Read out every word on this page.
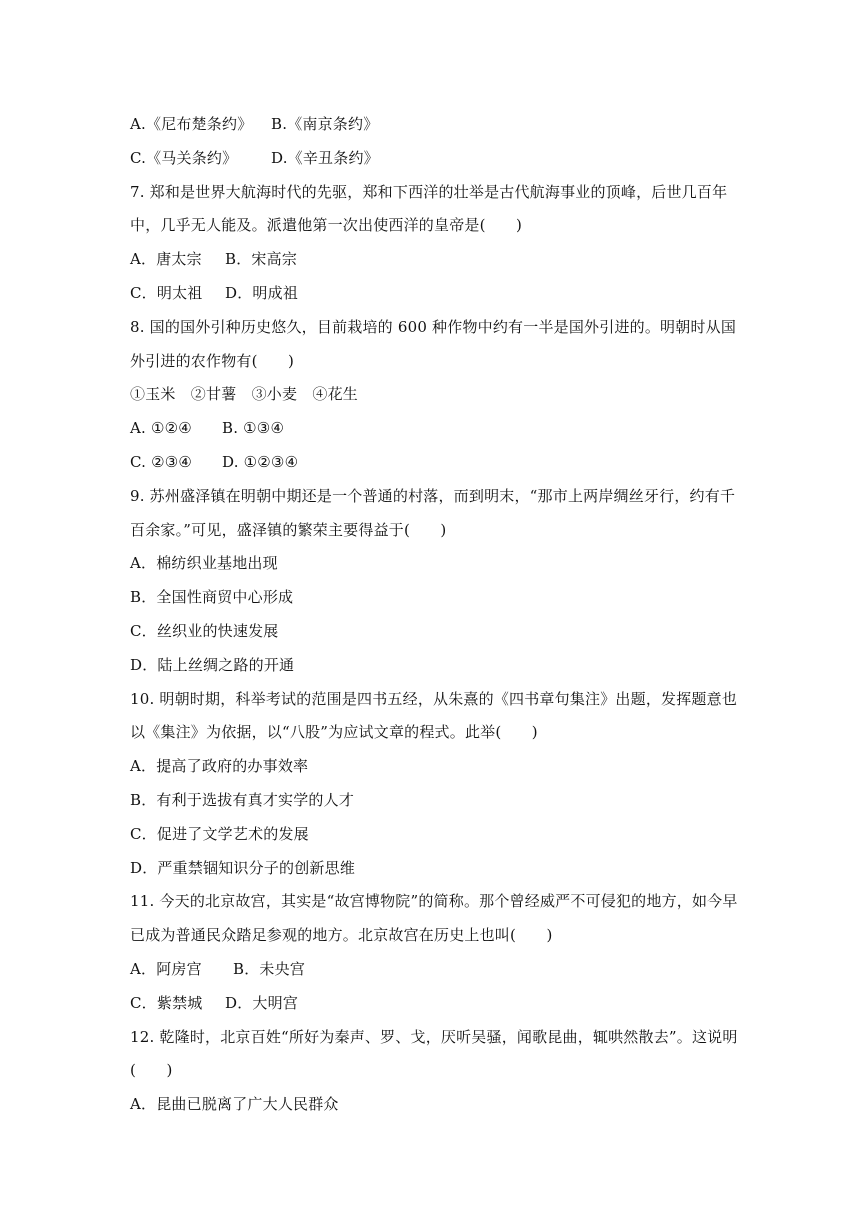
A.《尼布楚条约》 B.《南京条约》
C.《马关条约》 D.《辛丑条约》
7. 郑和是世界大航海时代的先驱，郑和下西洋的壮举是古代航海事业的顶峰，后世几百年
中，几乎无人能及。派遣他第一次出使西洋的皇帝是(　　)
A．唐太宗 B．宋高宗
C．明太祖 D．明成祖
8. 国的国外引种历史悠久，目前栽培的 600 种作物中约有一半是国外引进的。明朝时从国
外引进的农作物有(　　)
①玉米　②甘薯　③小麦　④花生
A. ①②④ B. ①③④
C. ②③④ D. ①②③④
9. 苏州盛泽镇在明朝中期还是一个普通的村落，而到明末，“那市上两岸绸丝牙行，约有千
百余家。”可见，盛泽镇的繁荣主要得益于(　　)
A．棉纺织业基地出现
B．全国性商贸中心形成
C．丝织业的快速发展
D．陆上丝绸之路的开通
10. 明朝时期，科举考试的范围是四书五经，从朱熹的《四书章句集注》出题，发挥题意也
以《集注》为依据，以“八股”为应试文章的程式。此举(　　)
A．提高了政府的办事效率
B．有利于选拔有真才实学的人才
C．促进了文学艺术的发展
D．严重禁锢知识分子的创新思维
11. 今天的北京故宫，其实是“故宫博物院”的简称。那个曾经威严不可侵犯的地方，如今早
已成为普通民众踏足参观的地方。北京故宫在历史上也叫(　　)
A．阿房宫 B．未央宫
C．紫禁城 D．大明宫
12. 乾隆时，北京百姓“所好为秦声、罗、戈，厌听吴骚，闻歌昆曲，辄哄然散去”。这说明
(　　)
A．昆曲已脱离了广大人民群众
